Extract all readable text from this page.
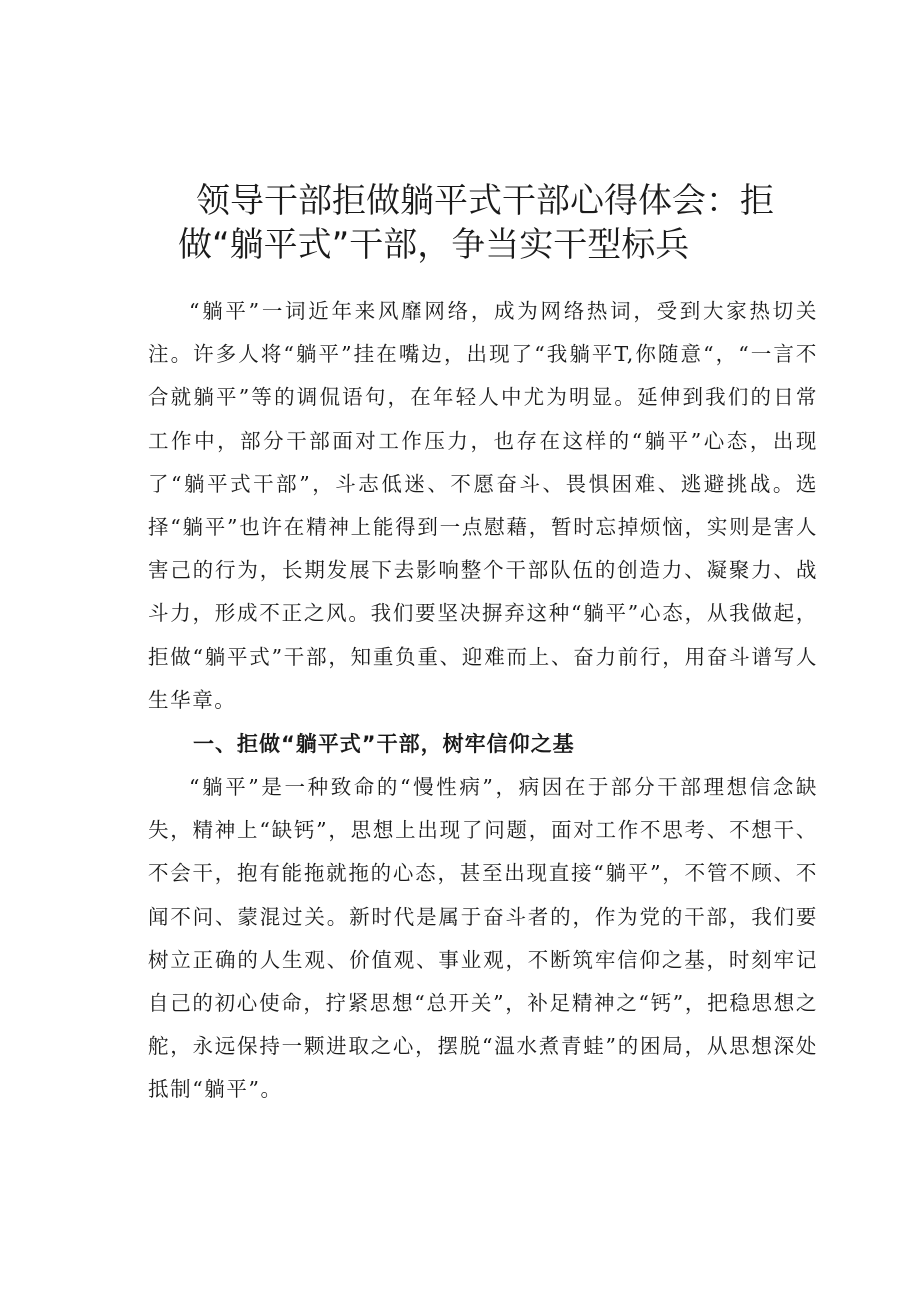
领导干部拒做躺平式干部心得体会：拒
做“躺平式”干部，争当实干型标兵

“躺平”一词近年来风靡网络，成为网络热词，受到大家热切关注。许多人将“躺平”挂在嘴边，出现了“我躺平T,你随意“，“一言不合就躺平”等的调侃语句，在年轻人中尤为明显。延伸到我们的日常工作中，部分干部面对工作压力，也存在这样的“躺平”心态，出现了“躺平式干部”，斗志低迷、不愿奋斗、畏惧困难、逃避挑战。选择“躺平”也许在精神上能得到一点慰藉，暂时忘掉烦恼，实则是害人害己的行为，长期发展下去影响整个干部队伍的创造力、凝聚力、战斗力，形成不正之风。我们要坚决摒弃这种“躺平”心态，从我做起，拒做“躺平式”干部，知重负重、迎难而上、奋力前行，用奋斗谱写人生华章。

一、拒做“躺平式”干部，树牢信仰之基

“躺平”是一种致命的“慢性病”，病因在于部分干部理想信念缺失，精神上“缺钙”，思想上出现了问题，面对工作不思考、不想干、不会干，抱有能拖就拖的心态，甚至出现直接“躺平”，不管不顾、不闻不问、蒙混过关。新时代是属于奋斗者的，作为党的干部，我们要树立正确的人生观、价值观、事业观，不断筑牢信仰之基，时刻牢记自己的初心使命，拧紧思想“总开关”，补足精神之“钙”，把稳思想之舵，永远保持一颗进取之心，摆脱“温水煮青蛙”的困局，从思想深处抵制“躺平”。
